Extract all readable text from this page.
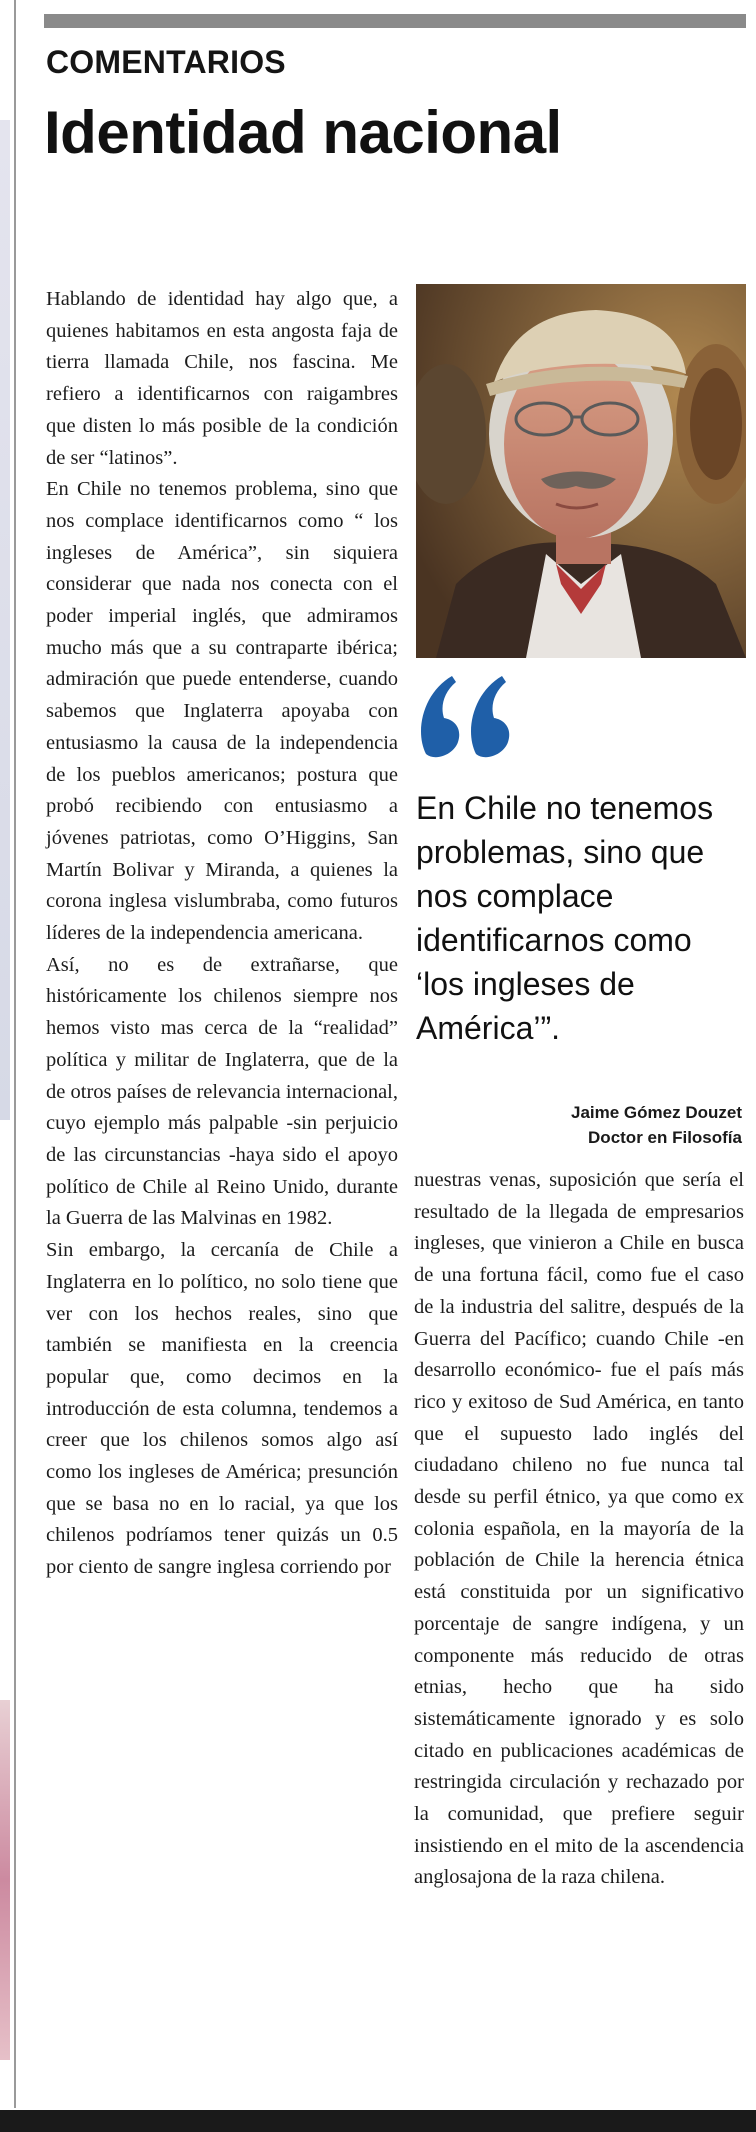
COMENTARIOS
Identidad nacional

Hablando de identidad hay algo que, a quienes habitamos en esta angosta faja de tierra llamada Chile, nos fascina. Me refiero a identificarnos con raigambres que disten lo más posible de la condición de ser “latinos”.

En Chile no tenemos problema, sino que nos complace identificarnos como “ los ingleses de América”, sin siquiera considerar que nada nos conecta con el poder imperial inglés, que admiramos mucho más que a su contraparte ibérica; admiración que puede entenderse, cuando sabemos que Inglaterra apoyaba con entusiasmo la causa de la independencia de los pueblos americanos; postura que probó recibiendo con entusiasmo a jóvenes patriotas, como O’Higgins, San Martín Bolivar y Miranda, a quienes la corona inglesa vislumbraba, como futuros líderes de la independencia americana.

Así, no es de extrañarse, que históricamente los chilenos siempre nos hemos visto mas cerca de la “realidad” política y militar de Inglaterra, que de la de otros países de relevancia internacional, cuyo ejemplo más palpable -sin perjuicio de las circunstancias -haya sido el apoyo político de Chile al Reino Unido, durante la Guerra de las Malvinas en 1982.

Sin embargo, la cercanía de Chile a Inglaterra en lo político, no solo tiene que ver con los hechos reales, sino que también se manifiesta en la creencia popular que, como decimos en la introducción de esta columna, tendemos a creer que los chilenos somos algo así como los ingleses de América; presunción que se basa no en lo racial, ya que los chilenos podríamos tener quizás un 0.5 por ciento de sangre inglesa corriendo por

En Chile no tenemos problemas, sino que nos complace identificarnos como ‘los ingleses de América’”.
Jaime Gómez Douzet
Doctor en Filosofía

nuestras venas, suposición que sería el resultado de la llegada de empresarios ingleses, que vinieron a Chile en busca de una fortuna fácil, como fue el caso de la industria del salitre, después de la Guerra del Pacífico; cuando Chile -en desarrollo económico- fue el país más rico y exitoso de Sud América, en tanto que el supuesto lado inglés del ciudadano chileno no fue nunca tal desde su perfil étnico, ya que como ex colonia española, en la mayoría de la población de Chile la herencia étnica está constituida por un significativo porcentaje de sangre indígena, y un componente más reducido de otras etnias, hecho que ha sido sistemáticamente ignorado y es solo citado en publicaciones académicas de restringida circulación y rechazado por la comunidad, que prefiere seguir insistiendo en el mito de la ascendencia anglosajona de la raza chilena.
